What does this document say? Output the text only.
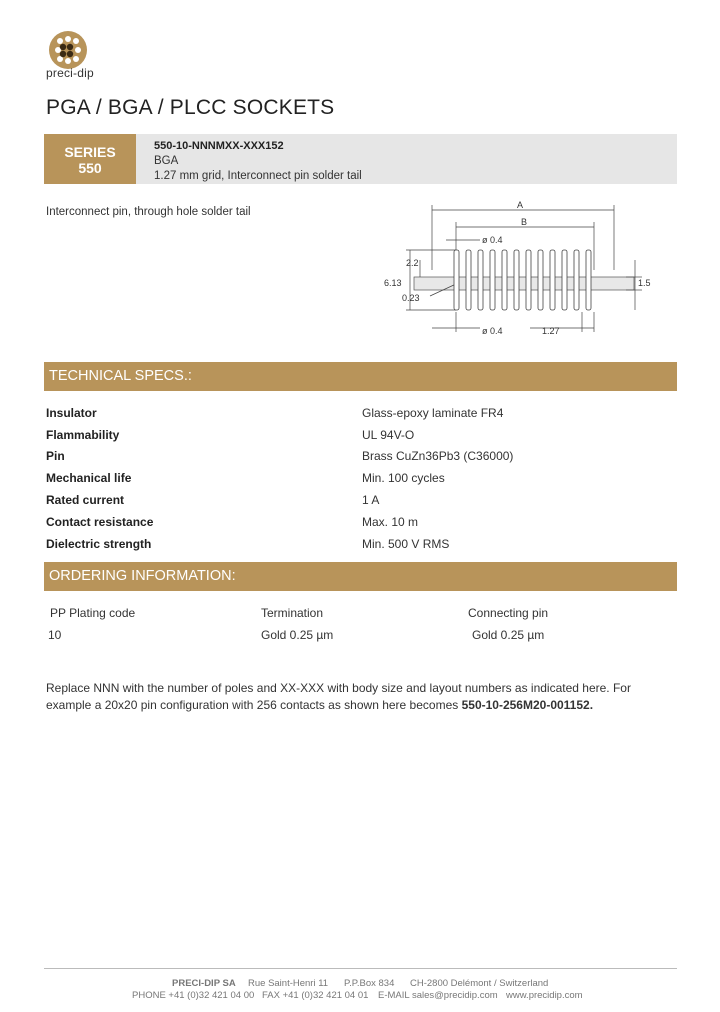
preci-dip
PGA / BGA / PLCC SOCKETS
SERIES
550
550-10-NNNMXX-XXX152
BGA
1.27 mm grid, Interconnect pin solder tail
Interconnect pin, through hole solder tail
A
B
ø 0.4
2.2
6.13
0.23
1.5
ø 0.4	1.27
TECHNICAL SPECS.:
Insulator	Glass-epoxy laminate FR4
Flammability	UL 94V-O
Pin	Brass CuZn36Pb3 (C36000)
Mechanical life	Min. 100 cycles
Rated current	1 A
Contact resistance	Max. 10 m
Dielectric strength	Min. 500 V RMS
ORDERING INFORMATION:
PP Plating code	Termination	Connecting pin
10	Gold 0.25 µm	Gold 0.25 µm
Replace NNN with the number of poles and XX-XXX with body size and layout numbers as indicated here. For example a 20x20 pin configuration with 256 contacts as shown here becomes 550-10-256M20-001152.
PRECI-DIP SA Rue Saint-Henri 11 P.P.Box 834 CH-2800 Delémont / Switzerland
PHONE +41 (0)32 421 04 00 FAX +41 (0)32 421 04 01 E-MAIL sales@precidip.com www.precidip.com
